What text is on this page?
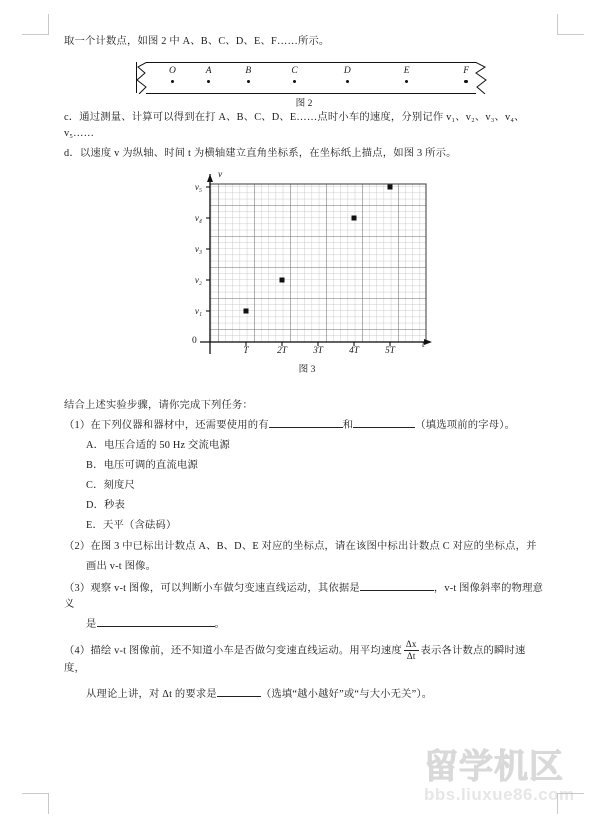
取一个计数点，如图 2 中 A、B、C、D、E、F……所示。

O	A	B	C	D	E	F
图 2

c．通过测量、计算可以得到在打 A、B、C、D、E……点时小车的速度，分别记作 v₁、v₂、v₃、v₄、v₅……

d．以速度 v 为纵轴、时间 t 为横轴建立直角坐标系，在坐标纸上描点，如图 3 所示。

v
t
0
v₁
v₂
v₃
v₄
v₅
T	2T	3T	4T	5T
图 3

结合上述实验步骤，请你完成下列任务：

（1）在下列仪器和器材中，还需要使用的有	和	（填选项前的字母）。

A．电压合适的 50 Hz 交流电源

B．电压可调的直流电源

C．刻度尺

D．秒表

E．天平（含砝码）

（2）在图 3 中已标出计数点 A、B、D、E 对应的坐标点，请在该图中标出计数点 C 对应的坐标点，并

画出 v-t 图像。

（3）观察 v-t 图像，可以判断小车做匀变速直线运动，其依据是	，v-t 图像斜率的物理意义

是	。

（4）描绘 v-t 图像前，还不知道小车是否做匀变速直线运动。用平均速度 $\frac{\Delta x}{\Delta t}$ 表示各计数点的瞬时速度，

从理论上讲，对 Δt 的要求是	（选填“越小越好”或“与大小无关”）。

留学机区
bbs.liuxue86.com
